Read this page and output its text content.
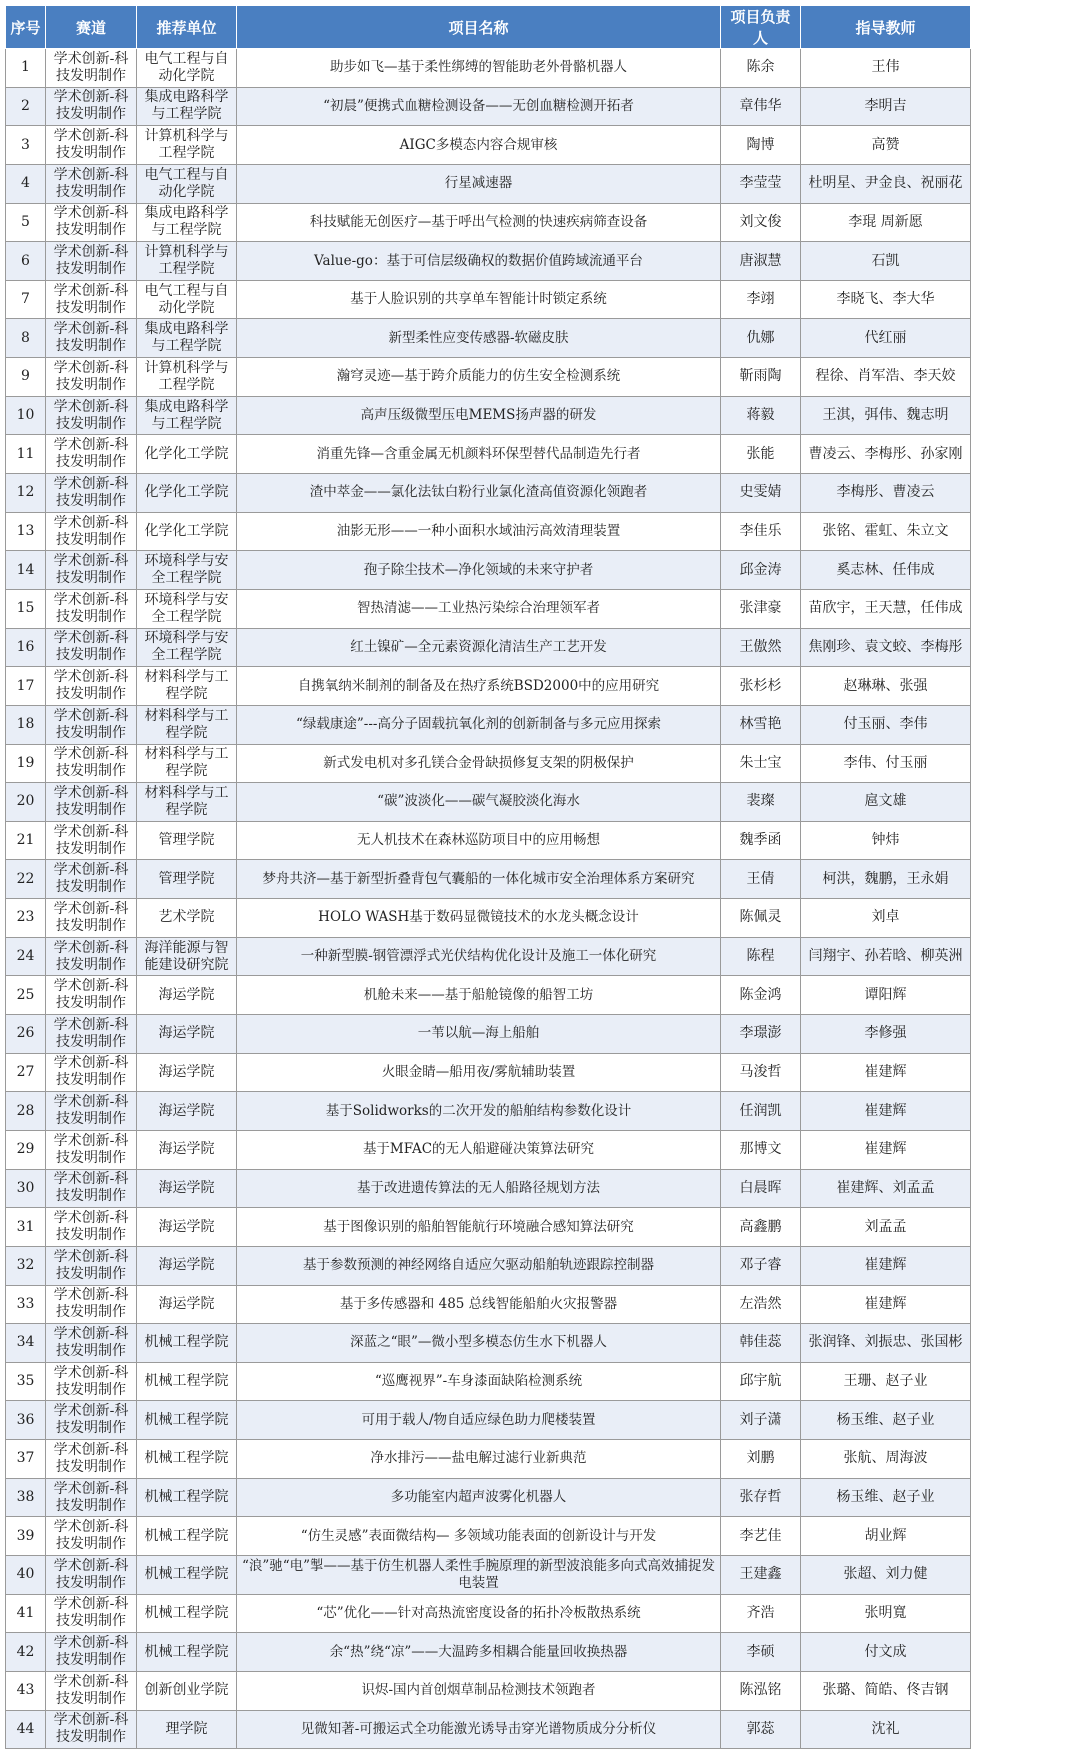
序号	赛道	推荐单位	项目名称	项目负责人	指导教师
1	学术创新-科技发明制作	电气工程与自动化学院	助步如飞—基于柔性绑缚的智能助老外骨骼机器人	陈余	王伟
2	学术创新-科技发明制作	集成电路科学与工程学院	“初晨”便携式血糖检测设备——无创血糖检测开拓者	章伟华	李明吉
3	学术创新-科技发明制作	计算机科学与工程学院	AIGC多模态内容合规审核	陶博	高赞
4	学术创新-科技发明制作	电气工程与自动化学院	行星减速器	李莹莹	杜明星、尹金良、祝丽花
5	学术创新-科技发明制作	集成电路科学与工程学院	科技赋能无创医疗—基于呼出气检测的快速疾病筛查设备	刘文俊	李琨 周新愿
6	学术创新-科技发明制作	计算机科学与工程学院	Value-go：基于可信层级确权的数据价值跨域流通平台	唐淑慧	石凯
7	学术创新-科技发明制作	电气工程与自动化学院	基于人脸识别的共享单车智能计时锁定系统	李翊	李晓飞、李大华
8	学术创新-科技发明制作	集成电路科学与工程学院	新型柔性应变传感器-软磁皮肤	仇娜	代红丽
9	学术创新-科技发明制作	计算机科学与工程学院	瀚穹灵迹—基于跨介质能力的仿生安全检测系统	靳雨陶	程徐、肖军浩、李天姣
10	学术创新-科技发明制作	集成电路科学与工程学院	高声压级微型压电MEMS扬声器的研发	蒋毅	王淇，弭伟、魏志明
11	学术创新-科技发明制作	化学化工学院	消重先锋—含重金属无机颜料环保型替代品制造先行者	张能	曹凌云、李梅彤、孙家刚
12	学术创新-科技发明制作	化学化工学院	渣中萃金——氯化法钛白粉行业氯化渣高值资源化领跑者	史雯婧	李梅彤、曹凌云
13	学术创新-科技发明制作	化学化工学院	油影无形——一种小面积水域油污高效清理装置	李佳乐	张铭、霍虹、朱立文
14	学术创新-科技发明制作	环境科学与安全工程学院	孢子除尘技术—净化领域的未来守护者	邱金涛	奚志林、任伟成
15	学术创新-科技发明制作	环境科学与安全工程学院	智热清滤——工业热污染综合治理领军者	张津豪	苗欣宇，王天慧，任伟成
16	学术创新-科技发明制作	环境科学与安全工程学院	红土镍矿—全元素资源化清洁生产工艺开发	王傲然	焦刚珍、袁文蛟、李梅彤
17	学术创新-科技发明制作	材料科学与工程学院	自携氧纳米制剂的制备及在热疗系统BSD2000中的应用研究	张杉杉	赵琳琳、张强
18	学术创新-科技发明制作	材料科学与工程学院	“绿载康途”---高分子固载抗氧化剂的创新制备与多元应用探索	林雪艳	付玉丽、李伟
19	学术创新-科技发明制作	材料科学与工程学院	新式发电机对多孔镁合金骨缺损修复支架的阴极保护	朱士宝	李伟、付玉丽
20	学术创新-科技发明制作	材料科学与工程学院	“碳”波淡化——碳气凝胶淡化海水	裴璨	扈文雄
21	学术创新-科技发明制作	管理学院	无人机技术在森林巡防项目中的应用畅想	魏季函	钟炜
22	学术创新-科技发明制作	管理学院	梦舟共济—基于新型折叠背包气囊船的一体化城市安全治理体系方案研究	王倩	柯洪，魏鹏，王永娟
23	学术创新-科技发明制作	艺术学院	HOLO WASH基于数码显微镜技术的水龙头概念设计	陈佩灵	刘卓
24	学术创新-科技发明制作	海洋能源与智能建设研究院	一种新型膜-钢管漂浮式光伏结构优化设计及施工一体化研究	陈程	闫翔宇、孙若晗、柳英洲
25	学术创新-科技发明制作	海运学院	机舱未来——基于船舱镜像的船智工坊	陈金鸿	谭阳辉
26	学术创新-科技发明制作	海运学院	一苇以航—海上船舶	李璟澎	李修强
27	学术创新-科技发明制作	海运学院	火眼金睛—船用夜/雾航辅助装置	马浚哲	崔建辉
28	学术创新-科技发明制作	海运学院	基于Solidworks的二次开发的船舶结构参数化设计	任润凯	崔建辉
29	学术创新-科技发明制作	海运学院	基于MFAC的无人船避碰决策算法研究	那博文	崔建辉
30	学术创新-科技发明制作	海运学院	基于改进遗传算法的无人船路径规划方法	白晨晖	崔建辉、刘孟孟
31	学术创新-科技发明制作	海运学院	基于图像识别的船舶智能航行环境融合感知算法研究	高鑫鹏	刘孟孟
32	学术创新-科技发明制作	海运学院	基于参数预测的神经网络自适应欠驱动船舶轨迹跟踪控制器	邓子睿	崔建辉
33	学术创新-科技发明制作	海运学院	基于多传感器和 485 总线智能船舶火灾报警器	左浩然	崔建辉
34	学术创新-科技发明制作	机械工程学院	深蓝之“眼”—微小型多模态仿生水下机器人	韩佳蕊	张润锋、刘振忠、张国彬
35	学术创新-科技发明制作	机械工程学院	“巡鹰视界”-车身漆面缺陷检测系统	邱宇航	王珊、赵子业
36	学术创新-科技发明制作	机械工程学院	可用于载人/物自适应绿色助力爬楼装置	刘子潇	杨玉维、赵子业
37	学术创新-科技发明制作	机械工程学院	净水排污——盐电解过滤行业新典范	刘鹏	张航、周海波
38	学术创新-科技发明制作	机械工程学院	多功能室内超声波雾化机器人	张存哲	杨玉维、赵子业
39	学术创新-科技发明制作	机械工程学院	“仿生灵感”表面微结构— 多领域功能表面的创新设计与开发	李艺佳	胡业辉
40	学术创新-科技发明制作	机械工程学院	“浪”驰“电”掣——基于仿生机器人柔性手腕原理的新型波浪能多向式高效捕捉发电装置	王建鑫	张超、刘力健
41	学术创新-科技发明制作	机械工程学院	“芯”优化——针对高热流密度设备的拓扑冷板散热系统	齐浩	张明寬
42	学术创新-科技发明制作	机械工程学院	余“热”绕“凉”——大温跨多相耦合能量回收换热器	李硕	付文成
43	学术创新-科技发明制作	创新创业学院	识烬-国内首创烟草制品检测技术领跑者	陈泓铭	张璐、简皓、佟吉钢
44	学术创新-科技发明制作	理学院	见微知著-可搬运式全功能激光诱导击穿光谱物质成分分析仪	郭蕊	沈礼
